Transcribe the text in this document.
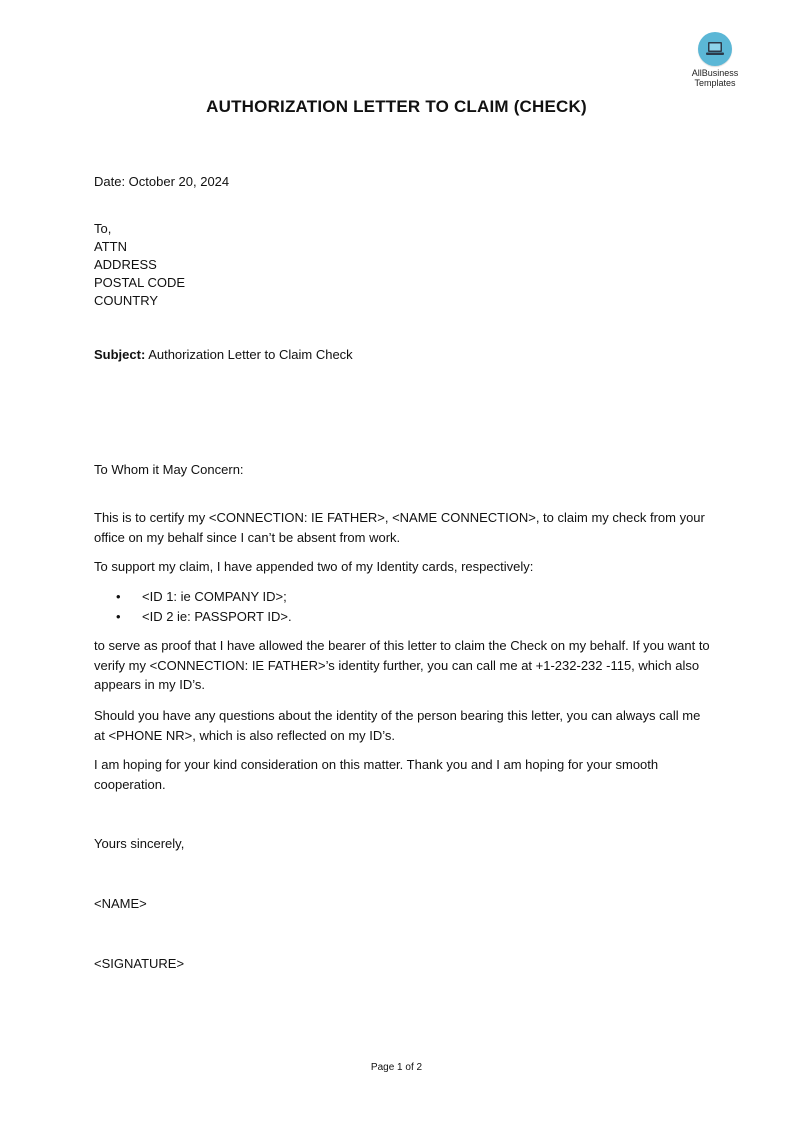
AllBusiness
Templates
AUTHORIZATION LETTER TO CLAIM (CHECK)
Date: October 20, 2024
To,
ATTN
ADDRESS
POSTAL CODE
COUNTRY
Subject: Authorization Letter to Claim Check
To Whom it May Concern:
This is to certify my <CONNECTION: IE FATHER>, <NAME CONNECTION>, to claim my check from your office on my behalf since I can’t be absent from work.
To support my claim, I have appended two of my Identity cards, respectively:
• <ID 1: ie COMPANY ID>;
• <ID 2 ie: PASSPORT ID>.
to serve as proof that I have allowed the bearer of this letter to claim the Check on my behalf. If you want to verify my <CONNECTION: IE FATHER>’s identity further, you can call me at +1-232-232 -115, which also appears in my ID’s.
Should you have any questions about the identity of the person bearing this letter, you can always call me at <PHONE NR>, which is also reflected on my ID’s.
I am hoping for your kind consideration on this matter. Thank you and I am hoping for your smooth cooperation.
Yours sincerely,
<NAME>
<SIGNATURE>
Page 1 of 2
